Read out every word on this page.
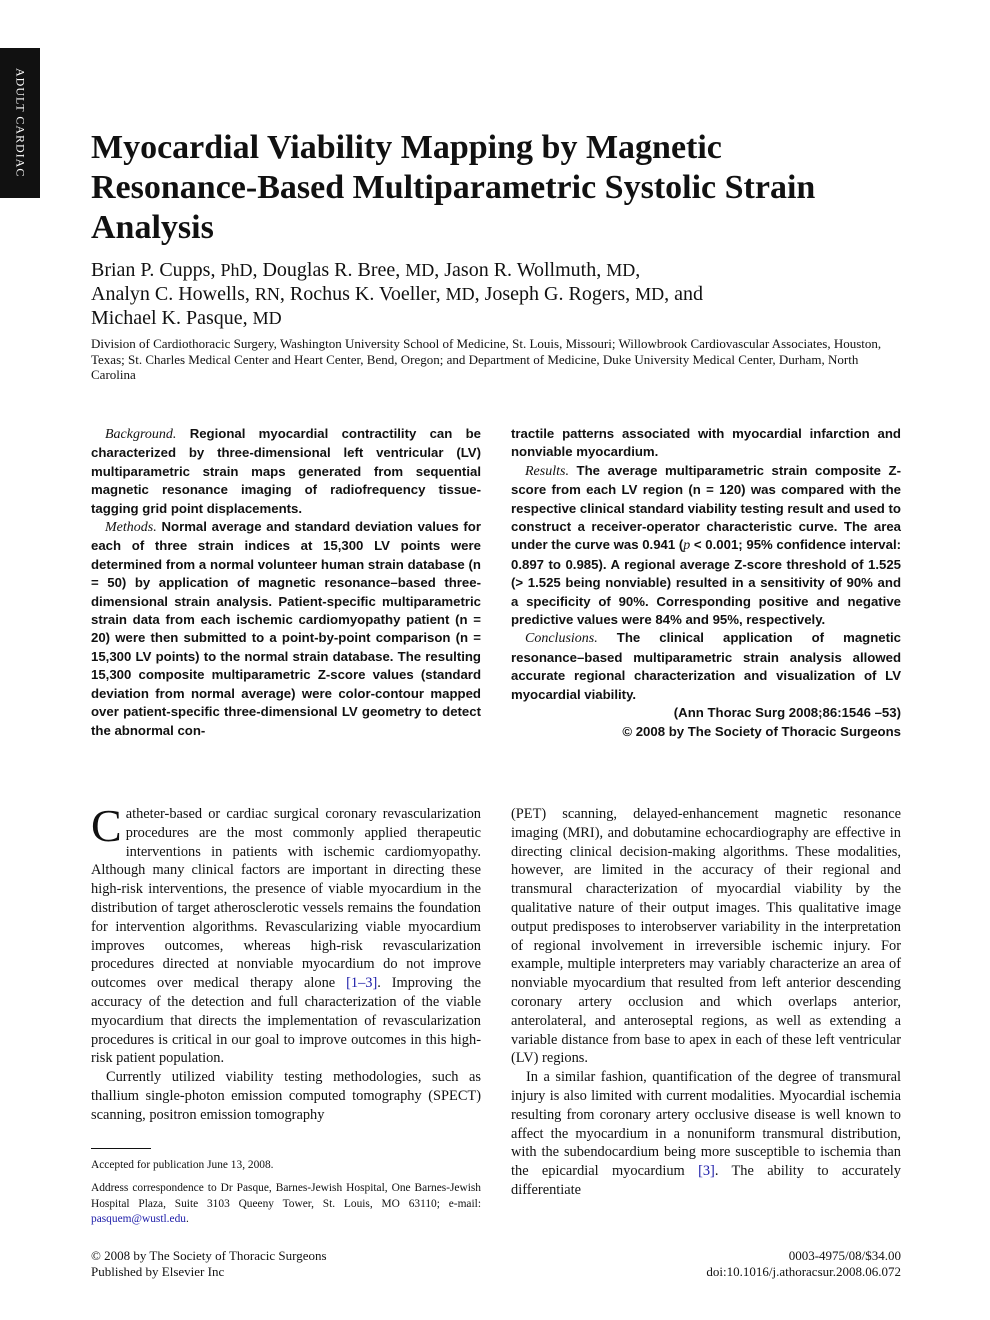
ADULT CARDIAC Myocardial Viability Mapping by Magnetic Resonance-Based Multiparametric Systolic Strain Analysis
Brian P. Cupps, PhD, Douglas R. Bree, MD, Jason R. Wollmuth, MD,
Analyn C. Howells, RN, Rochus K. Voeller, MD, Joseph G. Rogers, MD, and
Michael K. Pasque, MD
Division of Cardiothoracic Surgery, Washington University School of Medicine, St. Louis, Missouri; Willowbrook Cardiovascular Associates, Houston, Texas; St. Charles Medical Center and Heart Center, Bend, Oregon; and Department of Medicine, Duke University Medical Center, Durham, North Carolina

Background. Regional myocardial contractility can be characterized by three-dimensional left ventricular (LV) multiparametric strain maps generated from sequential magnetic resonance imaging of radiofrequency tissue-tagging grid point displacements.

Methods. Normal average and standard deviation values for each of three strain indices at 15,300 LV points were determined from a normal volunteer human strain database (n = 50) by application of magnetic resonance–based three-dimensional strain analysis. Patient-specific multiparametric strain data from each ischemic cardiomyopathy patient (n = 20) were then submitted to a point-by-point comparison (n = 15,300 LV points) to the normal strain database. The resulting 15,300 composite multiparametric Z-score values (standard deviation from normal average) were color-contour mapped over patient-specific three-dimensional LV geometry to detect the abnormal con-

tractile patterns associated with myocardial infarction and nonviable myocardium.

Results. The average multiparametric strain composite Z-score from each LV region (n = 120) was compared with the respective clinical standard viability testing result and used to construct a receiver-operator characteristic curve. The area under the curve was 0.941 (p < 0.001; 95% confidence interval: 0.897 to 0.985). A regional average Z-score threshold of 1.525 (> 1.525 being nonviable) resulted in a sensitivity of 90% and a specificity of 90%. Corresponding positive and negative predictive values were 84% and 95%, respectively.

Conclusions. The clinical application of magnetic resonance–based multiparametric strain analysis allowed accurate regional characterization and visualization of LV myocardial viability.

(Ann Thorac Surg 2008;86:1546 –53)

© 2008 by The Society of Thoracic Surgeons

Catheter-based or cardiac surgical coronary revascularization procedures are the most commonly applied therapeutic interventions in patients with ischemic cardiomyopathy. Although many clinical factors are important in directing these high-risk interventions, the presence of viable myocardium in the distribution of target atherosclerotic vessels remains the foundation for intervention algorithms. Revascularizing viable myocardium improves outcomes, whereas high-risk revascularization procedures directed at nonviable myocardium do not improve outcomes over medical therapy alone [1–3]. Improving the accuracy of the detection and full characterization of the viable myocardium that directs the implementation of revascularization procedures is critical in our goal to improve outcomes in this high-risk patient population.

Currently utilized viability testing methodologies, such as thallium single-photon emission computed tomography (SPECT) scanning, positron emission tomography

Accepted for publication June 13, 2008.

Address correspondence to Dr Pasque, Barnes-Jewish Hospital, One Barnes-Jewish Hospital Plaza, Suite 3103 Queeny Tower, St. Louis, MO 63110; e-mail: pasquem@wustl.edu.

(PET) scanning, delayed-enhancement magnetic resonance imaging (MRI), and dobutamine echocardiography are effective in directing clinical decision-making algorithms. These modalities, however, are limited in the accuracy of their regional and transmural characterization of myocardial viability by the qualitative nature of their output images. This qualitative image output predisposes to interobserver variability in the interpretation of regional involvement in irreversible ischemic injury. For example, multiple interpreters may variably characterize an area of nonviable myocardium that resulted from left anterior descending coronary artery occlusion and which overlaps anterior, anterolateral, and anteroseptal regions, as well as extending a variable distance from base to apex in each of these left ventricular (LV) regions.

In a similar fashion, quantification of the degree of transmural injury is also limited with current modalities. Myocardial ischemia resulting from coronary artery occlusive disease is well known to affect the myocardium in a nonuniform transmural distribution, with the subendocardium being more susceptible to ischemia than the epicardial myocardium [3]. The ability to accurately differentiate

© 2008 by The Society of Thoracic Surgeons
Published by Elsevier Inc
0003-4975/08/$34.00
doi:10.1016/j.athoracsur.2008.06.072
